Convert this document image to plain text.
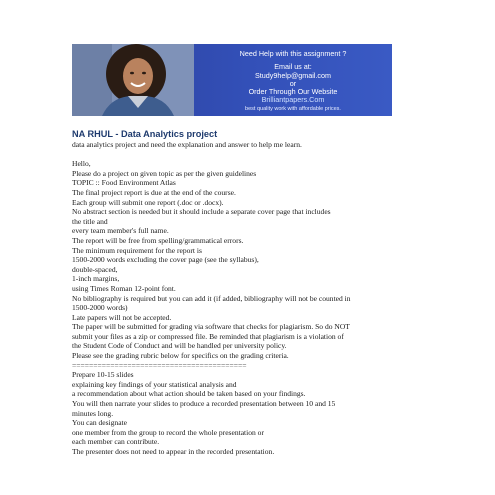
Need Help with this assignment ?
Email us at:
Study9help@gmail.com
or
Order Through Our Website
Brilliantpapers.Com
best quality work with affordable prices.
NA RHUL - Data Analytics project
data analytics project and need the explanation and answer to help me learn.
Hello,
Please do a project on given topic as per the given guidelines
TOPIC :: Food Environment Atlas
The final project report is due at the end of the course.
Each group will submit one report (.doc or .docx).
No abstract section is needed but it should include a separate cover page that includes
the title and
every team member's full name.
The report will be free from spelling/grammatical errors.
The minimum requirement for the report is
1500-2000 words excluding the cover page (see the syllabus),
double-spaced,
1-inch margins,
using Times Roman 12-point font.
No bibliography is required but you can add it (if added, bibliography will not be counted in
1500-2000 words)
Late papers will not be accepted.
The paper will be submitted for grading via software that checks for plagiarism. So do NOT
submit your files as a zip or compressed file. Be reminded that plagiarism is a violation of
the Student Code of Conduct and will be handled per university policy.
Please see the grading rubric below for specifics on the grading criteria.
=========================================
Prepare 10-15 slides
explaining key findings of your statistical analysis and
a recommendation about what action should be taken based on your findings.
You will then narrate your slides to produce a recorded presentation between 10 and 15
minutes long.
You can designate
one member from the group to record the whole presentation or
each member can contribute.
The presenter does not need to appear in the recorded presentation.
